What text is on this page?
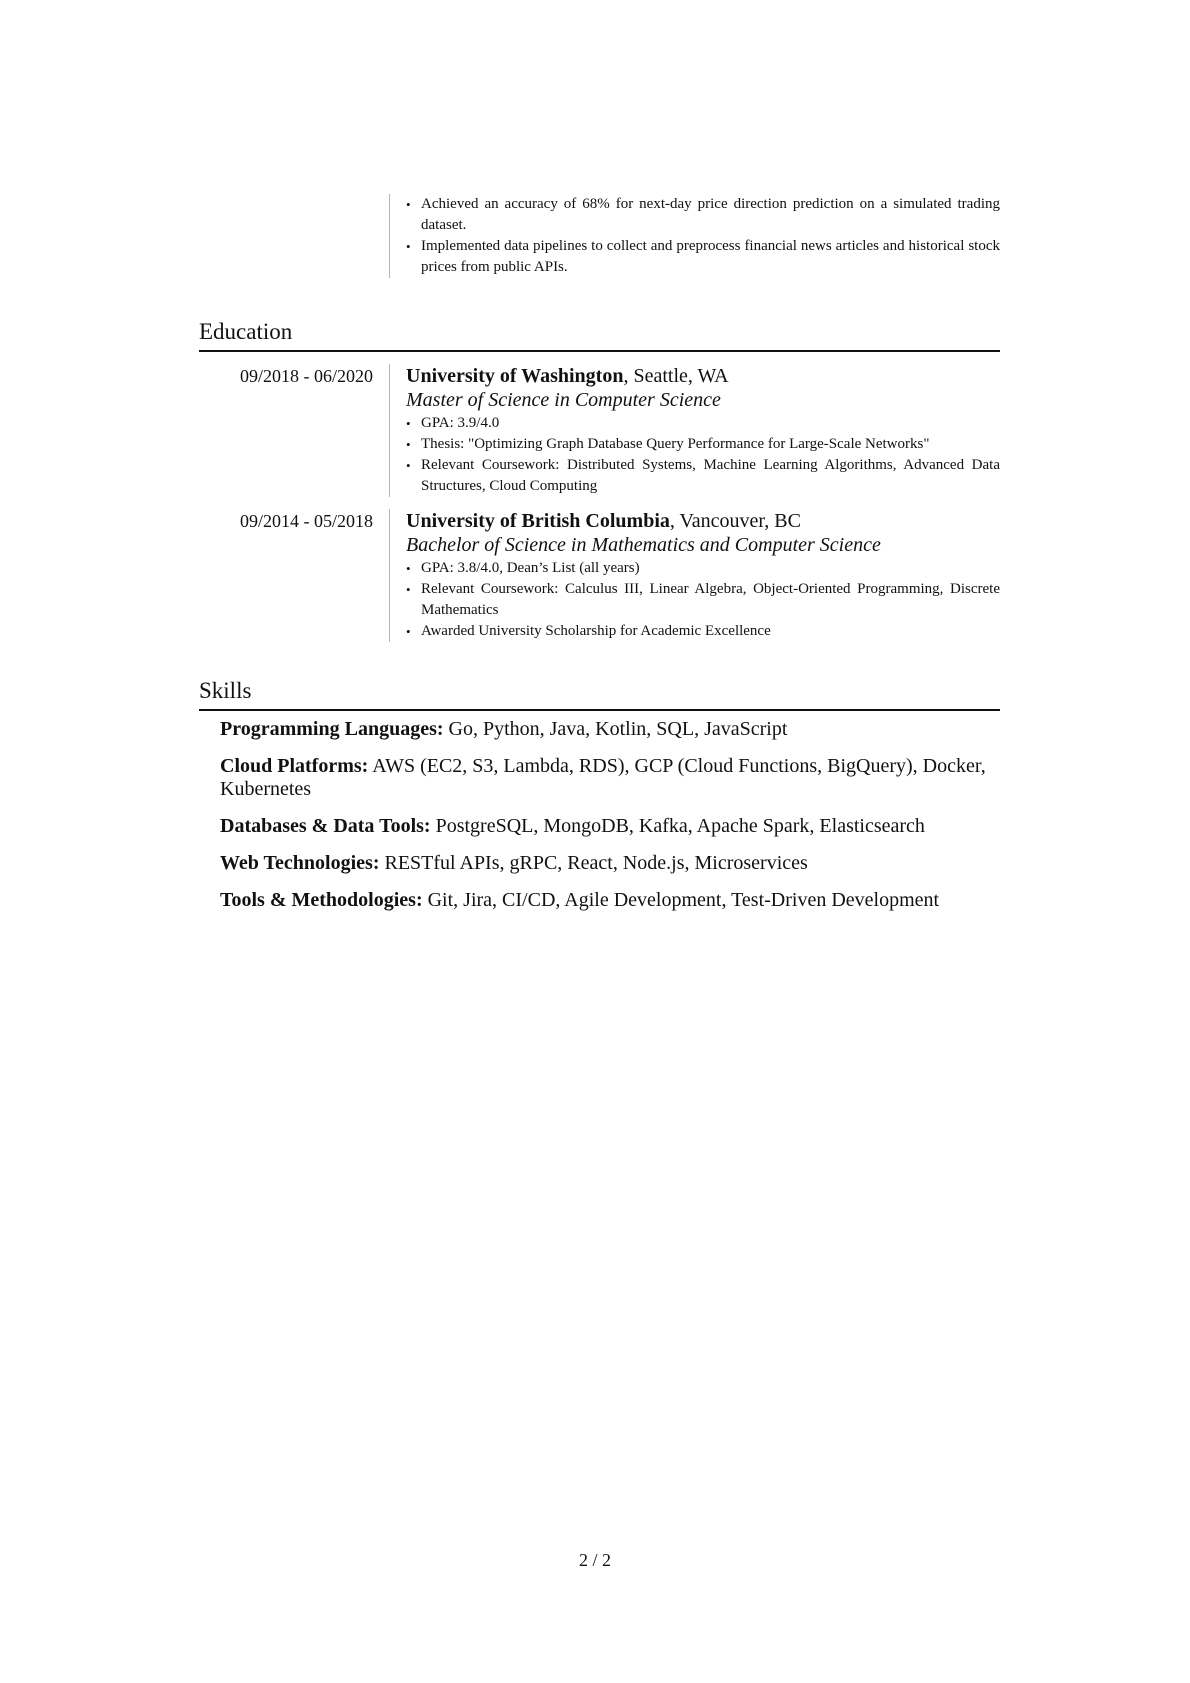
• Achieved an accuracy of 68% for next-day price direction prediction on a simulated trading dataset.
• Implemented data pipelines to collect and preprocess financial news articles and historical stock prices from public APIs.
Education
09/2018 - 06/2020	University of Washington, Seattle, WA
Master of Science in Computer Science
• GPA: 3.9/4.0
• Thesis: "Optimizing Graph Database Query Performance for Large-Scale Networks"
• Relevant Coursework: Distributed Systems, Machine Learning Algorithms, Advanced Data Structures, Cloud Computing
09/2014 - 05/2018	University of British Columbia, Vancouver, BC
Bachelor of Science in Mathematics and Computer Science
• GPA: 3.8/4.0, Dean’s List (all years)
• Relevant Coursework: Calculus III, Linear Algebra, Object-Oriented Programming, Discrete Mathematics
• Awarded University Scholarship for Academic Excellence
Skills
Programming Languages: Go, Python, Java, Kotlin, SQL, JavaScript
Cloud Platforms: AWS (EC2, S3, Lambda, RDS), GCP (Cloud Functions, BigQuery), Docker, Kubernetes
Databases & Data Tools: PostgreSQL, MongoDB, Kafka, Apache Spark, Elasticsearch
Web Technologies: RESTful APIs, gRPC, React, Node.js, Microservices
Tools & Methodologies: Git, Jira, CI/CD, Agile Development, Test-Driven Development
2 / 2
